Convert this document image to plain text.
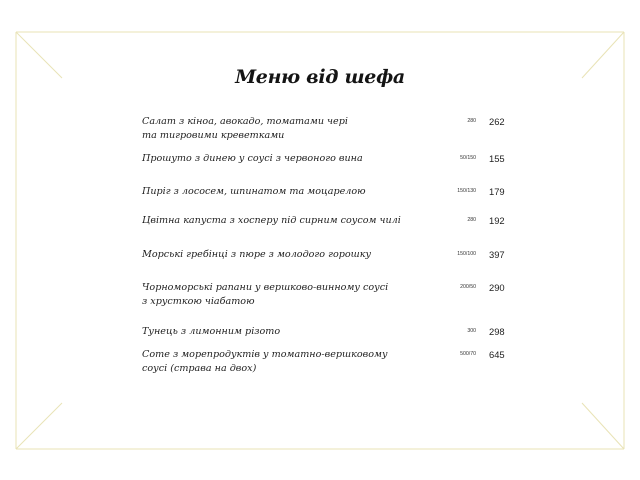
Меню від шефа
Салат з кіноа, авокадо, томатами чері
та тигровими креветками
280 262
Прошуто з динею у соусі з червоного вина	50/150 155
Пиріг з лососем, шпинатом та моцарелою	150/130 179
Цвітна капуста з хосперу під сирним соусом чилі	280 192
Морські гребінці з пюре з молодого горошку	150/100 397
Чорноморські рапани у вершково-винному соусі
з хрусткою чіабатою
200/50 290
Тунець з лимонним різото	300 298
Соте з морепродуктів у томатно-вершковому
соусі (страва на двох)
500/70 645
